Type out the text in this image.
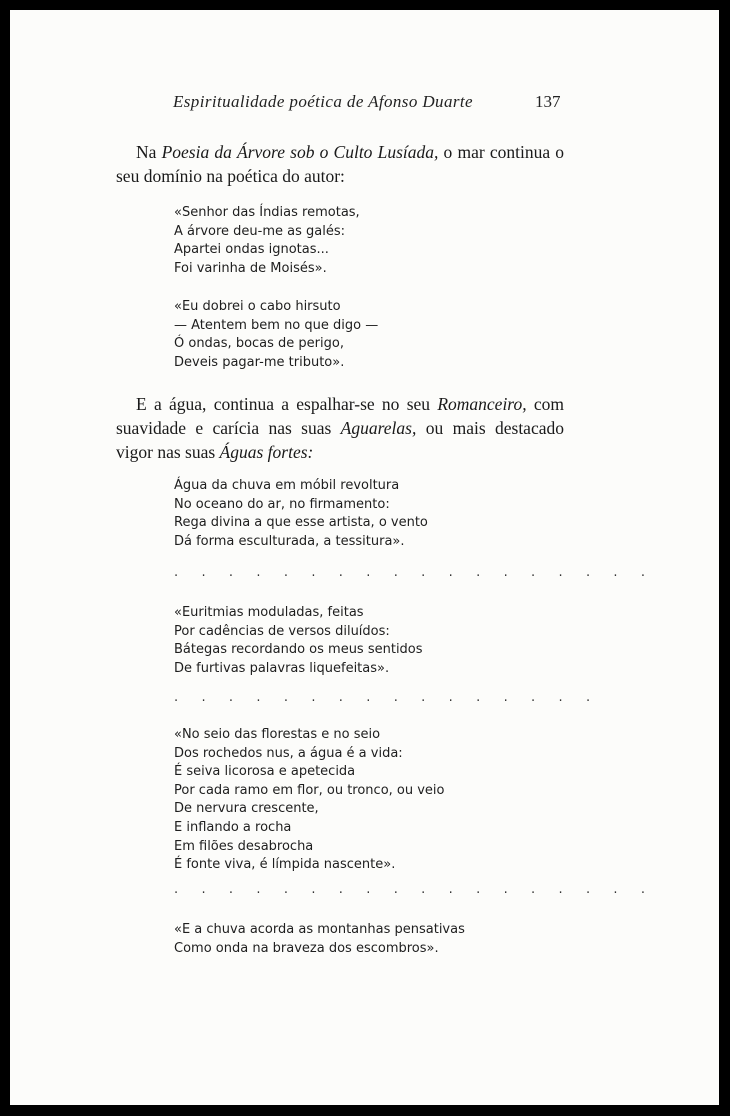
Espiritualidade poética de Afonso Duarte	137

Na Poesia da Árvore sob o Culto Lusíada, o mar continua o seu domínio na poética do autor:

«Senhor das Índias remotas,
A árvore deu-me as galés:
Apartei ondas ignotas...
Foi varinha de Moisés».
«Eu dobrei o cabo hirsuto
— Atentem bem no que digo —
Ó ondas, bocas de perigo,
Deveis pagar-me tributo».

E a água, continua a espalhar-se no seu Romanceiro, com suavidade e carícia nas suas Aguarelas, ou mais destacado vigor nas suas Águas fortes:

Água da chuva em móbil revoltura
No oceano do ar, no firmamento:
Rega divina a que esse artista, o vento
Dá forma esculturada, a tessitura».
. . . . . . . . . . . . . . . . . .
«Euritmias moduladas, feitas
Por cadências de versos diluídos:
Bátegas recordando os meus sentidos
De furtivas palavras liquefeitas».
. . . . . . . . . . . . . . . .
«No seio das florestas e no seio
Dos rochedos nus, a água é a vida:
É seiva licorosa e apetecida
Por cada ramo em flor, ou tronco, ou veio
De nervura crescente,
E inflando a rocha
Em filões desabrocha
É fonte viva, é límpida nascente».
. . . . . . . . . . . . . . . . . .
«E a chuva acorda as montanhas pensativas
Como onda na braveza dos escombros».
